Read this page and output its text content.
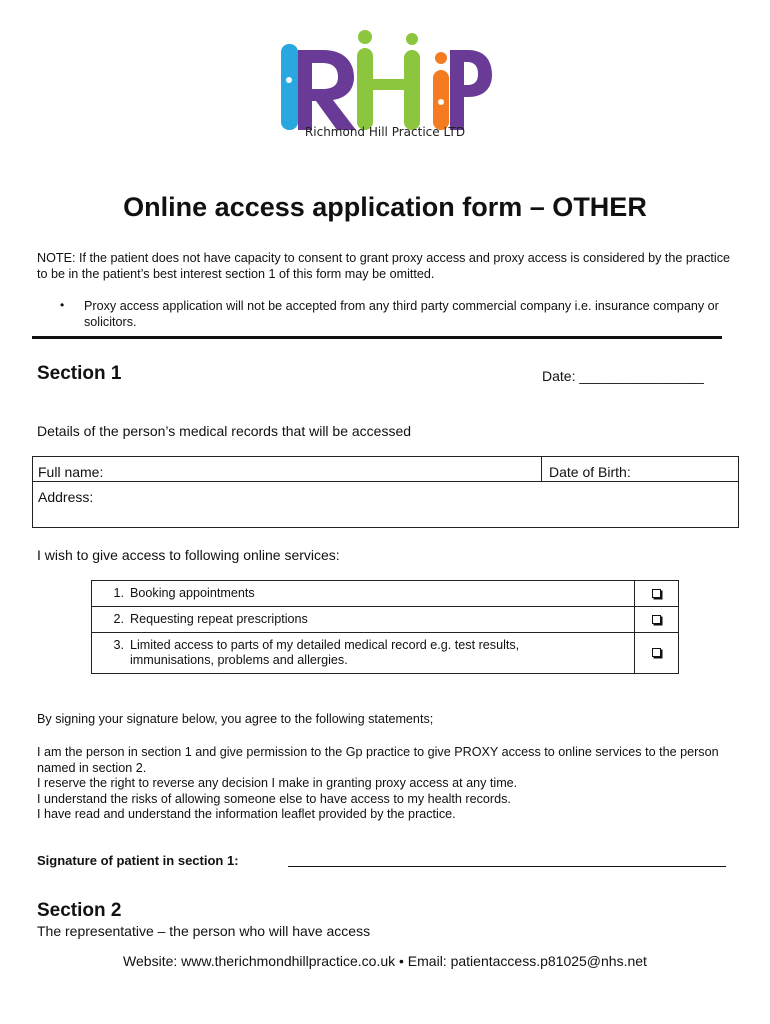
Richmond Hill Practice LTD
Online access application form – OTHER
NOTE: If the patient does not have capacity to consent to grant proxy access and proxy access is considered by the practice to be in the patient’s best interest section 1 of this form may be omitted.
• Proxy access application will not be accepted from any third party commercial company i.e. insurance company or solicitors.
Section 1	Date: ________________
Details of the person’s medical records that will be accessed
Full name:	Date of Birth:
Address:
I wish to give access to following online services:
1. Booking appointments	
2. Requesting repeat prescriptions	
3. Limited access to parts of my detailed medical record e.g. test results, immunisations, problems and allergies.	
By signing your signature below, you agree to the following statements;
I am the person in section 1 and give permission to the Gp practice to give PROXY access to online services to the person named in section 2.
I reserve the right to reverse any decision I make in granting proxy access at any time.
I understand the risks of allowing someone else to have access to my health records.
I have read and understand the information leaflet provided by the practice.
Signature of patient in section 1:
Section 2
The representative – the person who will have access
Website: www.therichmondhillpractice.co.uk • Email: patientaccess.p81025@nhs.net
